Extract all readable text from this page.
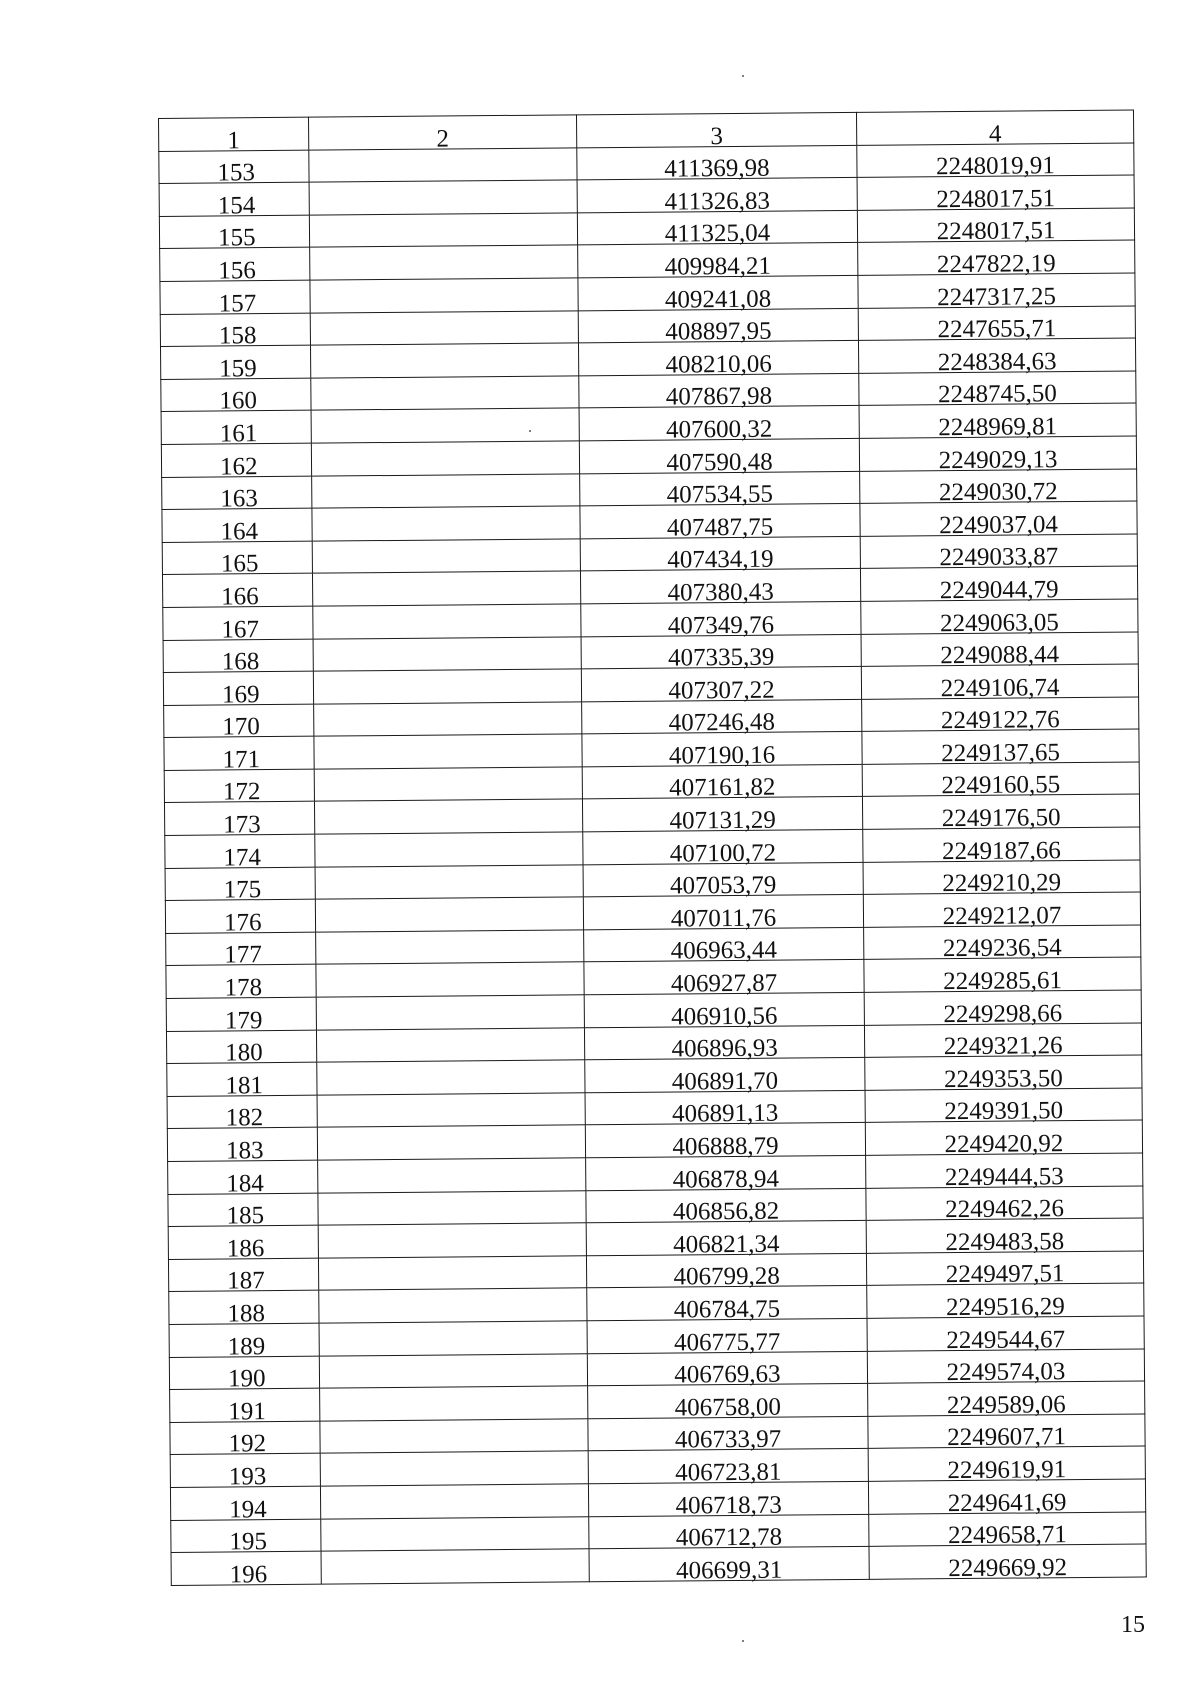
1	2	3	4
153		411369,98	2248019,91
154		411326,83	2248017,51
155		411325,04	2248017,51
156		409984,21	2247822,19
157		409241,08	2247317,25
158		408897,95	2247655,71
159		408210,06	2248384,63
160		407867,98	2248745,50
161		407600,32	2248969,81
162		407590,48	2249029,13
163		407534,55	2249030,72
164		407487,75	2249037,04
165		407434,19	2249033,87
166		407380,43	2249044,79
167		407349,76	2249063,05
168		407335,39	2249088,44
169		407307,22	2249106,74
170		407246,48	2249122,76
171		407190,16	2249137,65
172		407161,82	2249160,55
173		407131,29	2249176,50
174		407100,72	2249187,66
175		407053,79	2249210,29
176		407011,76	2249212,07
177		406963,44	2249236,54
178		406927,87	2249285,61
179		406910,56	2249298,66
180		406896,93	2249321,26
181		406891,70	2249353,50
182		406891,13	2249391,50
183		406888,79	2249420,92
184		406878,94	2249444,53
185		406856,82	2249462,26
186		406821,34	2249483,58
187		406799,28	2249497,51
188		406784,75	2249516,29
189		406775,77	2249544,67
190		406769,63	2249574,03
191		406758,00	2249589,06
192		406733,97	2249607,71
193		406723,81	2249619,91
194		406718,73	2249641,69
195		406712,78	2249658,71
196		406699,31	2249669,92
15
